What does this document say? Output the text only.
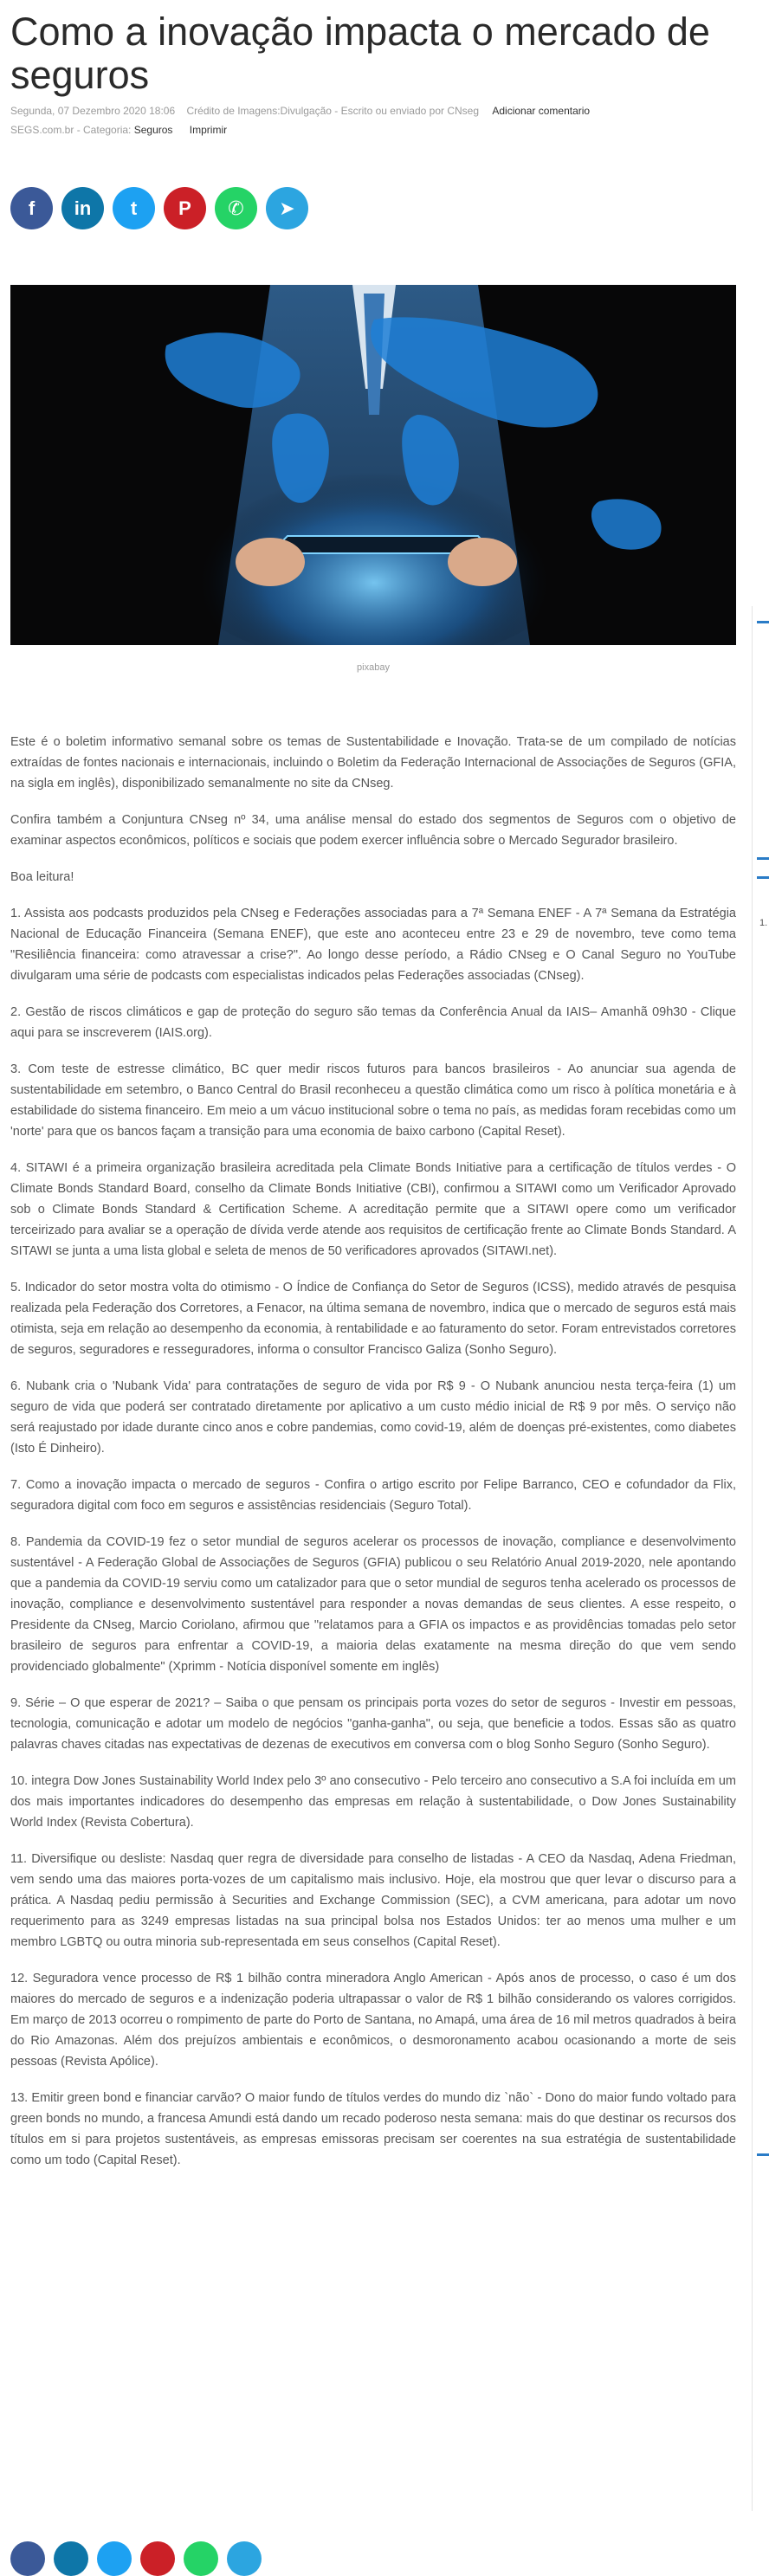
Como a inovação impacta o mercado de seguros
Segunda, 07 Dezembro 2020 18:06 Crédito de Imagens:Divulgação - Escrito ou enviado por CNseg Adicionar comentario
SEGS.com.br - Categoria: Seguros Imprimir
f in t P ✆ ➤
pixabay

Este é o boletim informativo semanal sobre os temas de Sustentabilidade e Inovação. Trata-se de um compilado de notícias extraídas de fontes nacionais e internacionais, incluindo o Boletim da Federação Internacional de Associações de Seguros (GFIA, na sigla em inglês), disponibilizado semanalmente no site da CNseg.

Confira também a Conjuntura CNseg nº 34, uma análise mensal do estado dos segmentos de Seguros com o objetivo de examinar aspectos econômicos, políticos e sociais que podem exercer influência sobre o Mercado Segurador brasileiro.

Boa leitura!

1. Assista aos podcasts produzidos pela CNseg e Federações associadas para a 7ª Semana ENEF - A 7ª Semana da Estratégia Nacional de Educação Financeira (Semana ENEF), que este ano aconteceu entre 23 e 29 de novembro, teve como tema "Resiliência financeira: como atravessar a crise?". Ao longo desse período, a Rádio CNseg e O Canal Seguro no YouTube divulgaram uma série de podcasts com especialistas indicados pelas Federações associadas (CNseg).

2. Gestão de riscos climáticos e gap de proteção do seguro são temas da Conferência Anual da IAIS– Amanhã 09h30 - Clique aqui para se inscreverem (IAIS.org).

3. Com teste de estresse climático, BC quer medir riscos futuros para bancos brasileiros - Ao anunciar sua agenda de sustentabilidade em setembro, o Banco Central do Brasil reconheceu a questão climática como um risco à política monetária e à estabilidade do sistema financeiro. Em meio a um vácuo institucional sobre o tema no país, as medidas foram recebidas como um 'norte' para que os bancos façam a transição para uma economia de baixo carbono (Capital Reset).

4. SITAWI é a primeira organização brasileira acreditada pela Climate Bonds Initiative para a certificação de títulos verdes - O Climate Bonds Standard Board, conselho da Climate Bonds Initiative (CBI), confirmou a SITAWI como um Verificador Aprovado sob o Climate Bonds Standard & Certification Scheme. A acreditação permite que a SITAWI opere como um verificador terceirizado para avaliar se a operação de dívida verde atende aos requisitos de certificação frente ao Climate Bonds Standard. A SITAWI se junta a uma lista global e seleta de menos de 50 verificadores aprovados (SITAWI.net).

5. Indicador do setor mostra volta do otimismo - O Índice de Confiança do Setor de Seguros (ICSS), medido através de pesquisa realizada pela Federação dos Corretores, a Fenacor, na última semana de novembro, indica que o mercado de seguros está mais otimista, seja em relação ao desempenho da economia, à rentabilidade e ao faturamento do setor. Foram entrevistados corretores de seguros, seguradores e resseguradores, informa o consultor Francisco Galiza (Sonho Seguro).

6. Nubank cria o 'Nubank Vida' para contratações de seguro de vida por R$ 9 - O Nubank anunciou nesta terça-feira (1) um seguro de vida que poderá ser contratado diretamente por aplicativo a um custo médio inicial de R$ 9 por mês. O serviço não será reajustado por idade durante cinco anos e cobre pandemias, como covid-19, além de doenças pré-existentes, como diabetes (Isto É Dinheiro).

7. Como a inovação impacta o mercado de seguros - Confira o artigo escrito por Felipe Barranco, CEO e cofundador da Flix, seguradora digital com foco em seguros e assistências residenciais (Seguro Total).

8. Pandemia da COVID-19 fez o setor mundial de seguros acelerar os processos de inovação, compliance e desenvolvimento sustentável - A Federação Global de Associações de Seguros (GFIA) publicou o seu Relatório Anual 2019-2020, nele apontando que a pandemia da COVID-19 serviu como um catalizador para que o setor mundial de seguros tenha acelerado os processos de inovação, compliance e desenvolvimento sustentável para responder a novas demandas de seus clientes. A esse respeito, o Presidente da CNseg, Marcio Coriolano, afirmou que "relatamos para a GFIA os impactos e as providências tomadas pelo setor brasileiro de seguros para enfrentar a COVID-19, a maioria delas exatamente na mesma direção do que vem sendo providenciado globalmente" (Xprimm - Notícia disponível somente em inglês)

9. Série – O que esperar de 2021? – Saiba o que pensam os principais porta vozes do setor de seguros - Investir em pessoas, tecnologia, comunicação e adotar um modelo de negócios "ganha-ganha", ou seja, que beneficie a todos. Essas são as quatro palavras chaves citadas nas expectativas de dezenas de executivos em conversa com o blog Sonho Seguro (Sonho Seguro).

10. integra Dow Jones Sustainability World Index pelo 3º ano consecutivo - Pelo terceiro ano consecutivo a S.A foi incluída em um dos mais importantes indicadores do desempenho das empresas em relação à sustentabilidade, o Dow Jones Sustainability World Index (Revista Cobertura).

11. Diversifique ou desliste: Nasdaq quer regra de diversidade para conselho de listadas - A CEO da Nasdaq, Adena Friedman, vem sendo uma das maiores porta-vozes de um capitalismo mais inclusivo. Hoje, ela mostrou que quer levar o discurso para a prática. A Nasdaq pediu permissão à Securities and Exchange Commission (SEC), a CVM americana, para adotar um novo requerimento para as 3249 empresas listadas na sua principal bolsa nos Estados Unidos: ter ao menos uma mulher e um membro LGBTQ ou outra minoria sub-representada em seus conselhos (Capital Reset).

12. Seguradora vence processo de R$ 1 bilhão contra mineradora Anglo American - Após anos de processo, o caso é um dos maiores do mercado de seguros e a indenização poderia ultrapassar o valor de R$ 1 bilhão considerando os valores corrigidos. Em março de 2013 ocorreu o rompimento de parte do Porto de Santana, no Amapá, uma área de 16 mil metros quadrados à beira do Rio Amazonas. Além dos prejuízos ambientais e econômicos, o desmoronamento acabou ocasionando a morte de seis pessoas (Revista Apólice).

13. Emitir green bond e financiar carvão? O maior fundo de títulos verdes do mundo diz `não` - Dono do maior fundo voltado para green bonds no mundo, a francesa Amundi está dando um recado poderoso nesta semana: mais do que destinar os recursos dos títulos em si para projetos sustentáveis, as empresas emissoras precisam ser coerentes na sua estratégia de sustentabilidade como um todo (Capital Reset).

1.
